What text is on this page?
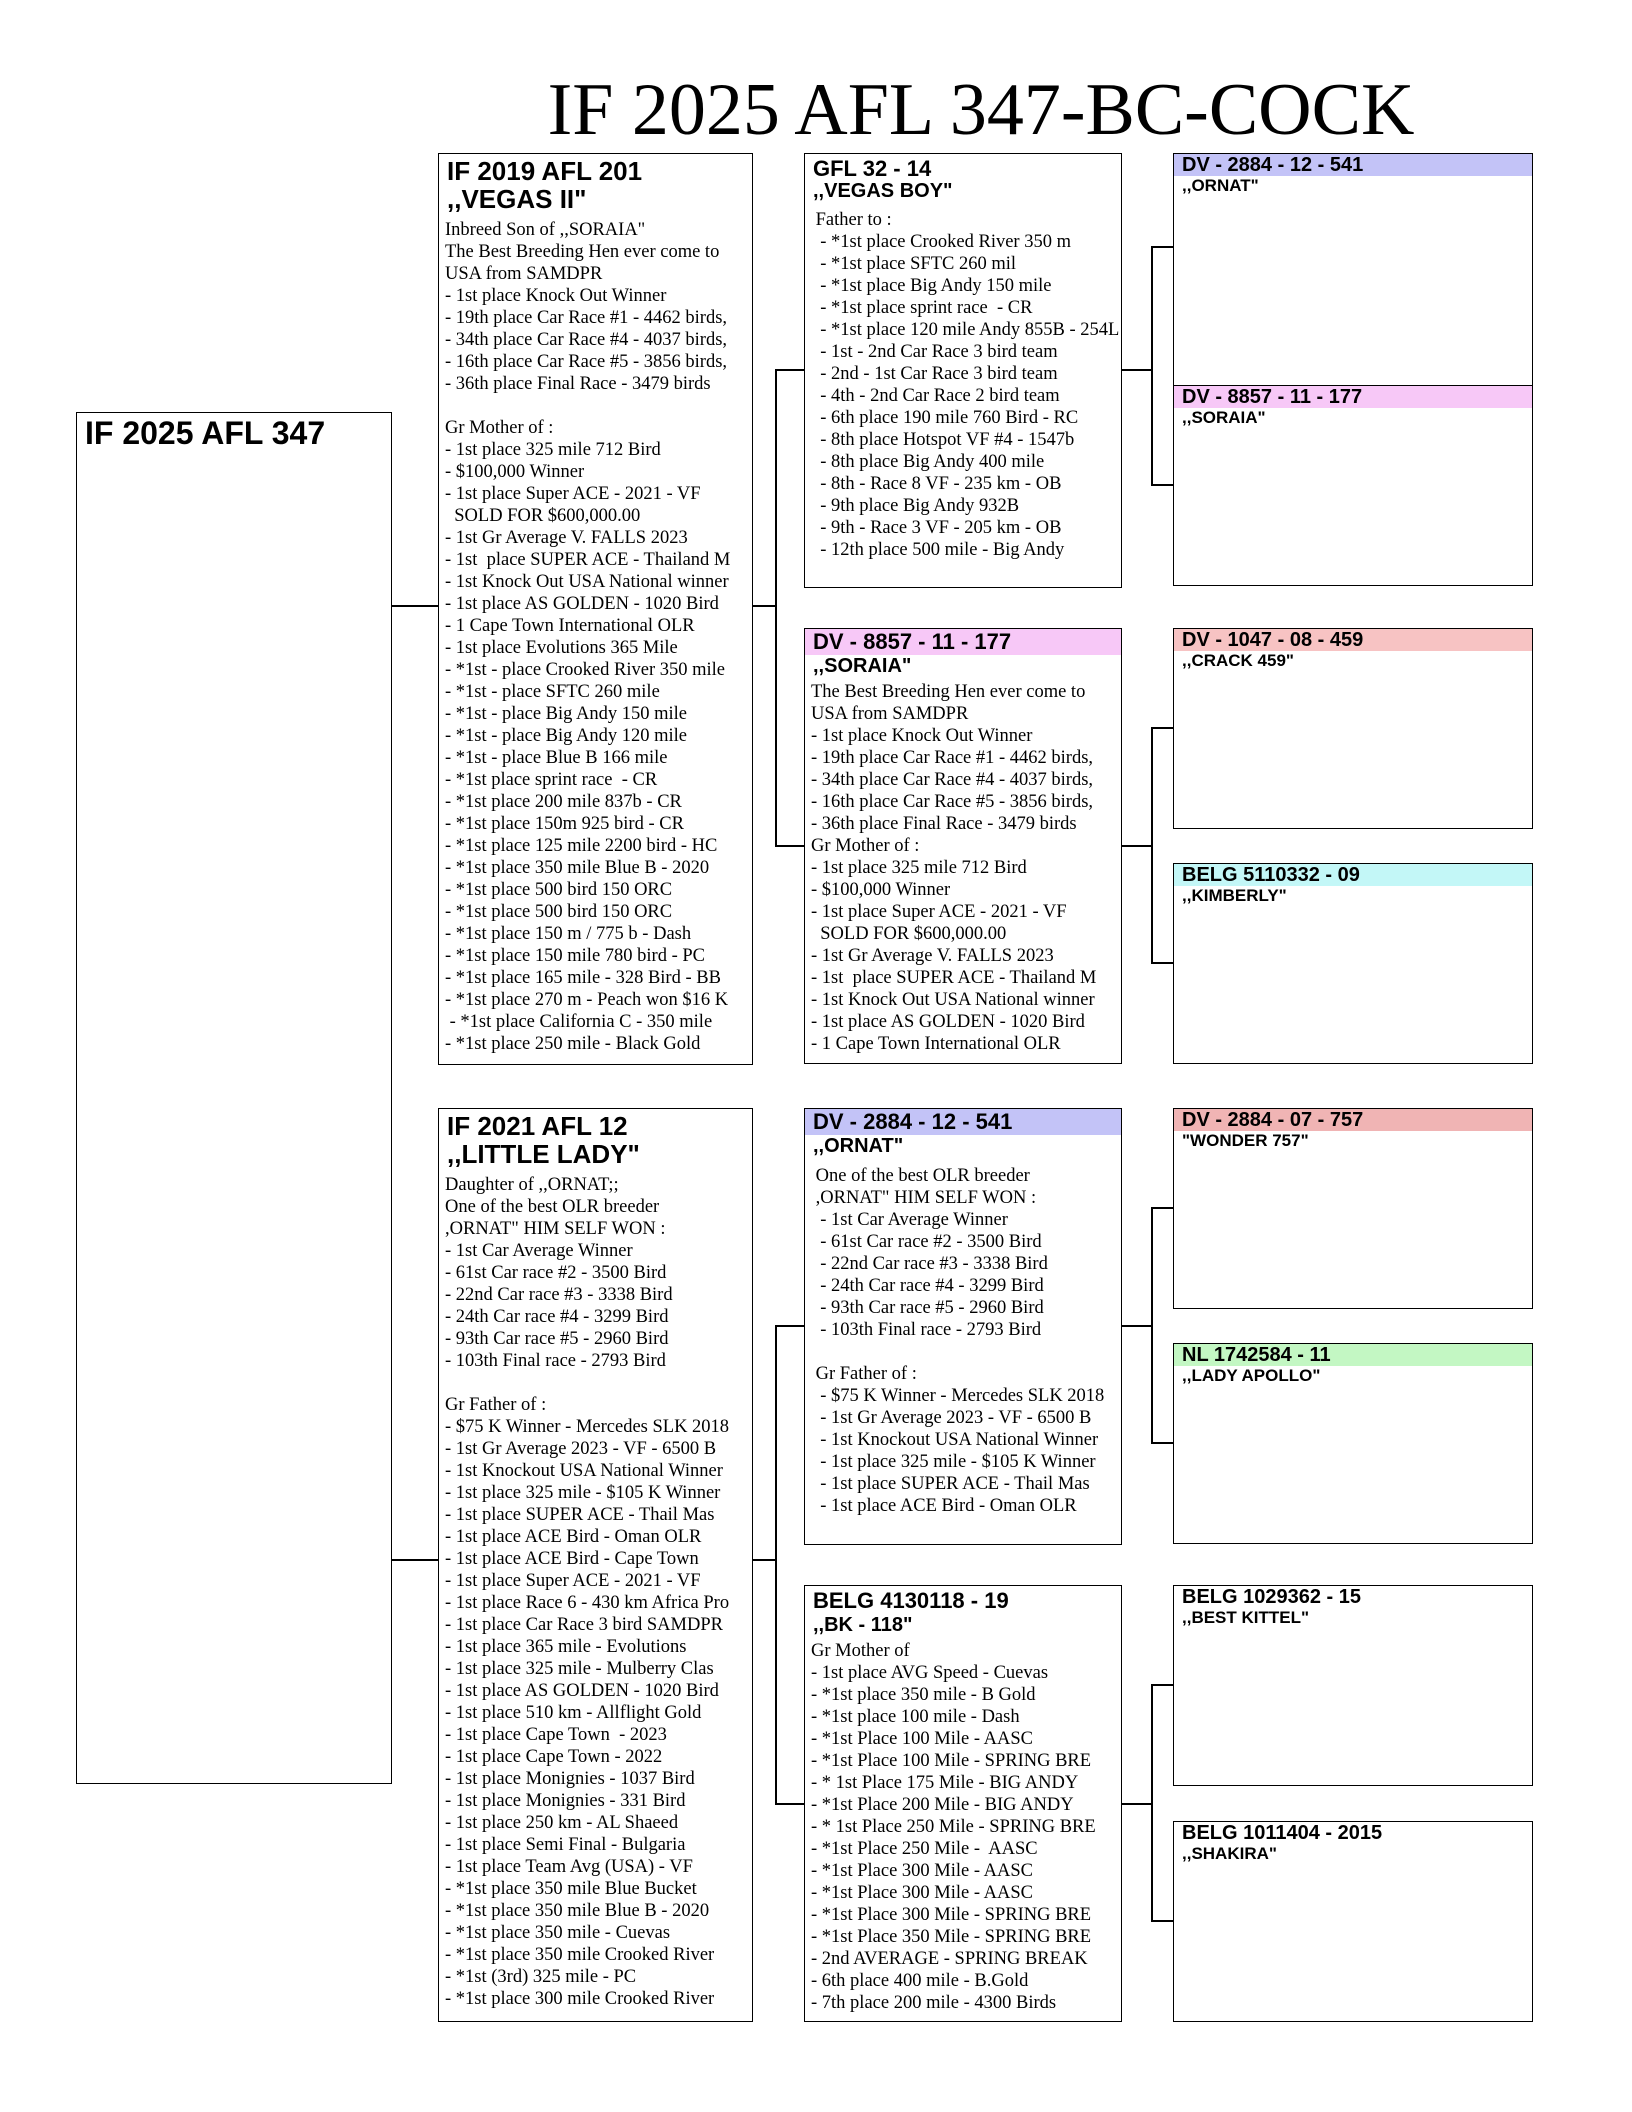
IF 2025 AFL 347-BC-COCK
IF 2025 AFL 347
IF 2019 AFL 201
,,VEGAS II"
Inbreed Son of ,,SORAIA"
The Best Breeding Hen ever come to
USA from SAMDPR
- 1st place Knock Out Winner
- 19th place Car Race #1 - 4462 birds,
- 34th place Car Race #4 - 4037 birds,
- 16th place Car Race #5 - 3856 birds,
- 36th place Final Race - 3479 birds

Gr Mother of :
- 1st place 325 mile 712 Bird
- $100,000 Winner
- 1st place Super ACE - 2021 - VF
SOLD FOR $600,000.00
- 1st Gr Average V. FALLS 2023
- 1st  place SUPER ACE - Thailand M
- 1st Knock Out USA National winner
- 1st place AS GOLDEN - 1020 Bird
- 1 Cape Town International OLR
- 1st place Evolutions 365 Mile
- *1st - place Crooked River 350 mile
- *1st - place SFTC 260 mile
- *1st - place Big Andy 150 mile
- *1st - place Big Andy 120 mile
- *1st - place Blue B 166 mile
- *1st place sprint race  - CR
- *1st place 200 mile 837b - CR
- *1st place 150m 925 bird - CR
- *1st place 125 mile 2200 bird - HC
- *1st place 350 mile Blue B - 2020
- *1st place 500 bird 150 ORC
- *1st place 500 bird 150 ORC
- *1st place 150 m / 775 b - Dash
- *1st place 150 mile 780 bird - PC
- *1st place 165 mile - 328 Bird - BB
- *1st place 270 m - Peach won $16 K
- *1st place California C - 350 mile
- *1st place 250 mile - Black Gold
IF 2021 AFL 12
,,LITTLE LADY"
Daughter of ,,ORNAT;;
One of the best OLR breeder
,ORNAT" HIM SELF WON :
- 1st Car Average Winner
- 61st Car race #2 - 3500 Bird
- 22nd Car race #3 - 3338 Bird
- 24th Car race #4 - 3299 Bird
- 93th Car race #5 - 2960 Bird
- 103th Final race - 2793 Bird

Gr Father of :
- $75 K Winner - Mercedes SLK 2018
- 1st Gr Average 2023 - VF - 6500 B
- 1st Knockout USA National Winner
- 1st place 325 mile - $105 K Winner
- 1st place SUPER ACE - Thail Mas
- 1st place ACE Bird - Oman OLR
- 1st place ACE Bird - Cape Town
- 1st place Super ACE - 2021 - VF
- 1st place Race 6 - 430 km Africa Pro
- 1st place Car Race 3 bird SAMDPR
- 1st place 365 mile - Evolutions
- 1st place 325 mile - Mulberry Clas
- 1st place AS GOLDEN - 1020 Bird
- 1st place 510 km - Allflight Gold
- 1st place Cape Town  - 2023
- 1st place Cape Town - 2022
- 1st place Monignies - 1037 Bird
- 1st place Monignies - 331 Bird
- 1st place 250 km - AL Shaeed
- 1st place Semi Final - Bulgaria
- 1st place Team Avg (USA) - VF
- *1st place 350 mile Blue Bucket
- *1st place 350 mile Blue B - 2020
- *1st place 350 mile - Cuevas
- *1st place 350 mile Crooked River
- *1st (3rd) 325 mile - PC
- *1st place 300 mile Crooked River
GFL 32 - 14
,,VEGAS BOY"
Father to :
- *1st place Crooked River 350 m
- *1st place SFTC 260 mil
- *1st place Big Andy 150 mile
- *1st place sprint race  - CR
- *1st place 120 mile Andy 855B - 254L
- 1st - 2nd Car Race 3 bird team
- 2nd - 1st Car Race 3 bird team
- 4th - 2nd Car Race 2 bird team
- 6th place 190 mile 760 Bird - RC
- 8th place Hotspot VF #4 - 1547b
- 8th place Big Andy 400 mile
- 8th - Race 8 VF - 235 km - OB
- 9th place Big Andy 932B
- 9th - Race 3 VF - 205 km - OB
- 12th place 500 mile - Big Andy
DV - 8857 - 11 - 177
,,SORAIA"
The Best Breeding Hen ever come to
USA from SAMDPR
- 1st place Knock Out Winner
- 19th place Car Race #1 - 4462 birds,
- 34th place Car Race #4 - 4037 birds,
- 16th place Car Race #5 - 3856 birds,
- 36th place Final Race - 3479 birds
Gr Mother of :
- 1st place 325 mile 712 Bird
- $100,000 Winner
- 1st place Super ACE - 2021 - VF
SOLD FOR $600,000.00
- 1st Gr Average V. FALLS 2023
- 1st  place SUPER ACE - Thailand M
- 1st Knock Out USA National winner
- 1st place AS GOLDEN - 1020 Bird
- 1 Cape Town International OLR
DV - 2884 - 12 - 541
,,ORNAT"
One of the best OLR breeder
,ORNAT" HIM SELF WON :
- 1st Car Average Winner
- 61st Car race #2 - 3500 Bird
- 22nd Car race #3 - 3338 Bird
- 24th Car race #4 - 3299 Bird
- 93th Car race #5 - 2960 Bird
- 103th Final race - 2793 Bird

Gr Father of :
- $75 K Winner - Mercedes SLK 2018
- 1st Gr Average 2023 - VF - 6500 B
- 1st Knockout USA National Winner
- 1st place 325 mile - $105 K Winner
- 1st place SUPER ACE - Thail Mas
- 1st place ACE Bird - Oman OLR
BELG 4130118 - 19
,,BK - 118"
Gr Mother of
- 1st place AVG Speed - Cuevas
- *1st place 350 mile - B Gold
- *1st place 100 mile - Dash
- *1st Place 100 Mile - AASC
- *1st Place 100 Mile - SPRING BRE
- * 1st Place 175 Mile - BIG ANDY
- *1st Place 200 Mile - BIG ANDY
- * 1st Place 250 Mile - SPRING BRE
- *1st Place 250 Mile -  AASC
- *1st Place 300 Mile - AASC
- *1st Place 300 Mile - AASC
- *1st Place 300 Mile - SPRING BRE
- *1st Place 350 Mile - SPRING BRE
- 2nd AVERAGE - SPRING BREAK
- 6th place 400 mile - B.Gold
- 7th place 200 mile - 4300 Birds
DV - 2884 - 12 - 541
,,ORNAT"
DV - 8857 - 11 - 177
,,SORAIA"
DV - 1047 - 08 - 459
,,CRACK 459"
BELG 5110332 - 09
,,KIMBERLY"
DV - 2884 - 07 - 757
"WONDER 757"
NL 1742584 - 11
,,LADY APOLLO"
BELG 1029362 - 15
,,BEST KITTEL"
BELG 1011404 - 2015
,,SHAKIRA"
